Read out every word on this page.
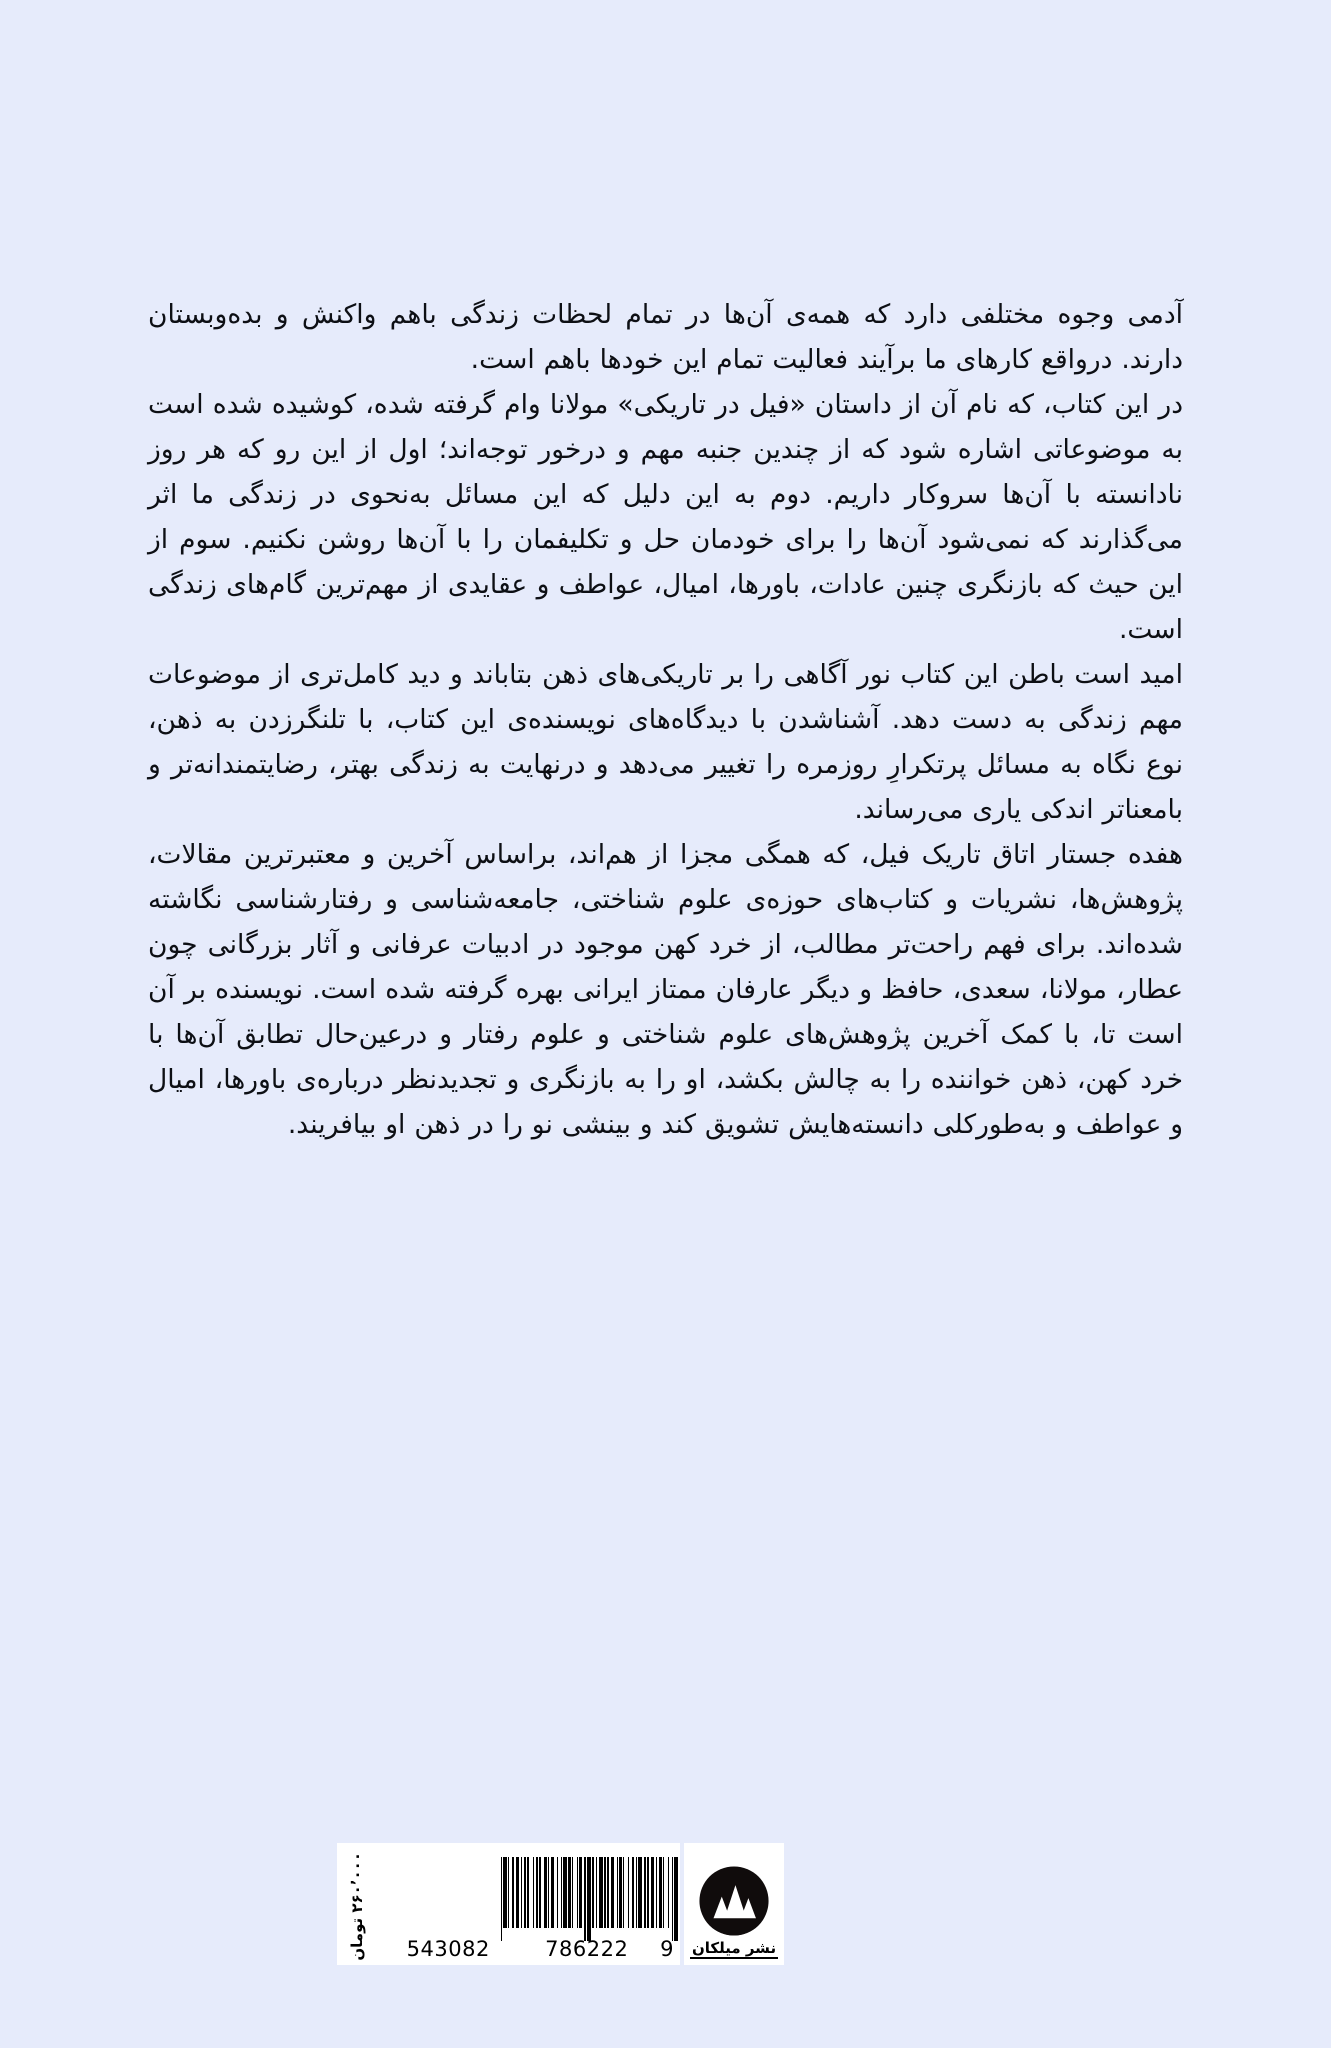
آدمی وجوه مختلفی دارد که همه‌ی آن‌ها در تمام لحظات زندگی باهم واکنش و بده‌وبستان دارند. درواقع کارهای ما برآیند فعالیت تمام این خودها باهم است.

در این کتاب، که نام آن از داستان «فیل در تاریکی» مولانا وام گرفته شده، کوشیده شده است به موضوعاتی اشاره شود که از چندین جنبه مهم و درخور توجه‌اند؛ اول از این رو که هر روز نادانسته با آن‌ها سروکار داریم. دوم به این دلیل که این مسائل به‌نحوی در زندگی ما اثر می‌گذارند که نمی‌شود آن‌ها را برای خودمان حل و تکلیفمان را با آن‌ها روشن نکنیم. سوم از این حیث که بازنگری چنین عادات، باورها، امیال، عواطف و عقایدی از مهم‌ترین گام‌های زندگی است.

امید است باطن این کتاب نور آگاهی را بر تاریکی‌های ذهن بتاباند و دید کامل‌تری از موضوعات مهم زندگی به دست دهد. آشناشدن با دیدگاه‌های نویسنده‌ی این کتاب، با تلنگرزدن به ذهن، نوع نگاه به مسائل پرتکرارِ روزمره را تغییر می‌دهد و درنهایت به زندگی بهتر، رضایتمندانه‌تر و بامعناتر اندکی یاری می‌رساند.

هفده جستار اتاق تاریک فیل، که همگی مجزا از هم‌اند، براساس آخرین و معتبرترین مقالات، پژوهش‌ها، نشریات و کتاب‌های حوزه‌ی علوم شناختی، جامعه‌شناسی و رفتارشناسی نگاشته شده‌اند. برای فهم راحت‌تر مطالب، از خرد کهن موجود در ادبیات عرفانی و آثار بزرگانی چون عطار، مولانا، سعدی، حافظ و دیگر عارفان ممتاز ایرانی بهره گرفته شده است. نویسنده بر آن است تا، با کمک آخرین پژوهش‌های علوم شناختی و علوم رفتار و درعین‌حال تطابق آن‌ها با خرد کهن، ذهن خواننده را به چالش بکشد، او را به بازنگری و تجدیدنظر درباره‌ی باورها، امیال و عواطف و به‌طورکلی دانسته‌هایش تشویق کند و بینشی نو را در ذهن او بیافریند.

۲۶۰٬۰۰۰ تومان
9
786222
543082	نشر میلکان
